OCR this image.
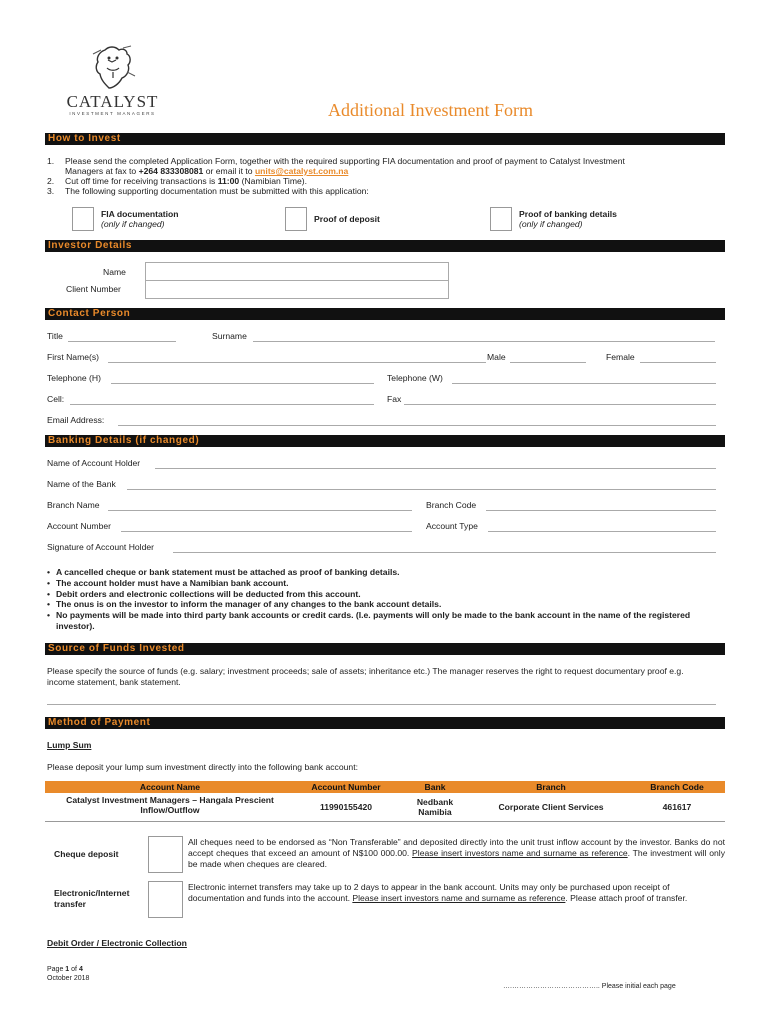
CATALYST
INVESTMENT MANAGERS	Additional Investment Form
How to Invest
1.	Please send the completed Application Form, together with the required supporting FIA documentation and proof of payment to Catalyst Investment
Managers at fax to +264 833308081 or email it to units@catalyst.com.na
2.	Cut off time for receiving transactions is 11:00 (Namibian Time).
3.	The following supporting documentation must be submitted with this application:
FIA documentation
(only if changed)	Proof of deposit	Proof of banking details
(only if changed)
Investor Details
Name
Client Number
Contact Person
Title	Surname
First Name(s)	Male	Female
Telephone (H)	Telephone (W)
Cell:	Fax
Email Address:
Banking Details (if changed)
Name of Account Holder
Name of the Bank
Branch Name	Branch Code
Account Number	Account Type
Signature of Account Holder
• A cancelled cheque or bank statement must be attached as proof of banking details.
• The account holder must have a Namibian bank account.
• Debit orders and electronic collections will be deducted from this account.
• The onus is on the investor to inform the manager of any changes to the bank account details.
• No payments will be made into third party bank accounts or credit cards. (I.e. payments will only be made to the bank account in the name of the registered investor).
Source of Funds Invested
Please specify the source of funds (e.g. salary; investment proceeds; sale of assets; inheritance etc.) The manager reserves the right to request documentary proof e.g. income statement, bank statement.
Method of Payment
Lump Sum
Please deposit your lump sum investment directly into the following bank account:
Account Name	Account Number	Bank	Branch	Branch Code
Catalyst Investment Managers – Hangala Prescient Inflow/Outflow	11990155420	Nedbank Namibia	Corporate Client Services	461617
Cheque deposit
All cheques need to be endorsed as “Non Transferable” and deposited directly into the unit trust inflow account by the investor. Banks do not accept cheques that exceed an amount of N$100 000.00. Please insert investors name and surname as reference. The investment will only be made when cheques are cleared.
Electronic/Internet transfer
Electronic internet transfers may take up to 2 days to appear in the bank account. Units may only be purchased upon receipt of documentation and funds into the account. Please insert investors name and surname as reference. Please attach proof of transfer.
Debit Order / Electronic Collection
Page 1 of 4
October 2018
….……………………………….. Please initial each page
